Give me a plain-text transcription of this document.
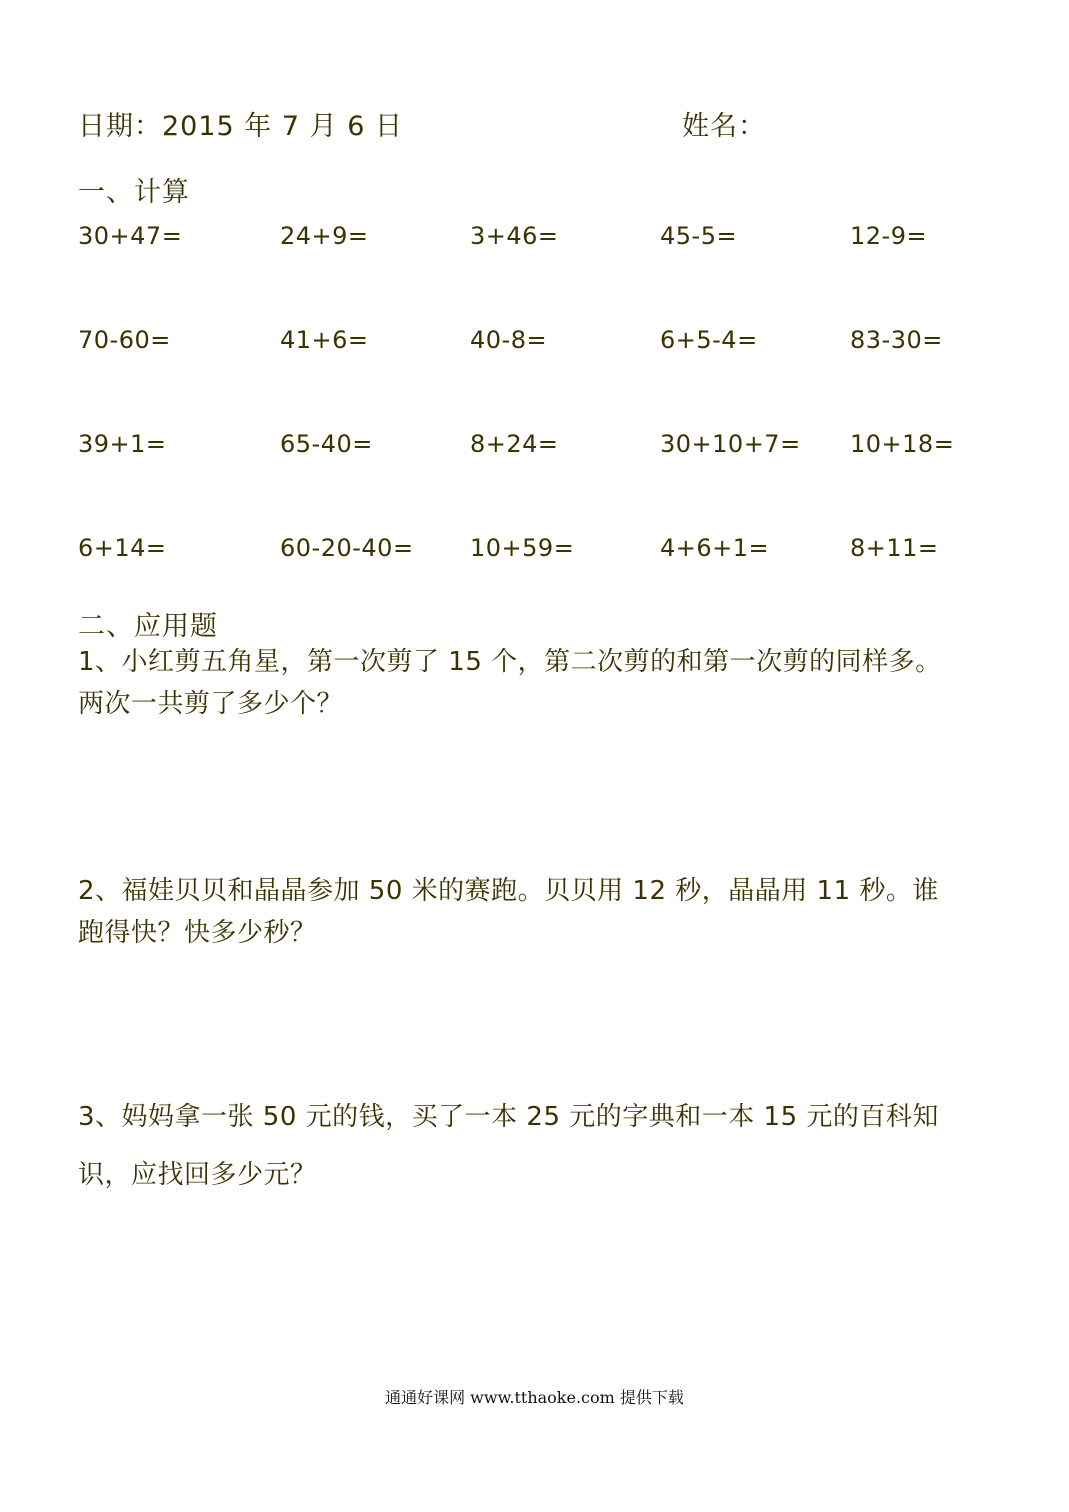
日期：2015 年 7 月 6 日	姓名：
一、计算
30+47=	24+9=	3+46=	45-5=	12-9=
70-60=	41+6=	40-8=	6+5-4=	83-30=
39+1=	65-40=	8+24=	30+10+7= 10+18=
6+14=	60-20-40= 10+59=	4+6+1=	8+11=
二、应用题
1、小红剪五角星，第一次剪了 15 个，第二次剪的和第一次剪的同样多。
两次一共剪了多少个？
2、福娃贝贝和晶晶参加 50 米的赛跑。贝贝用 12 秒，晶晶用 11 秒。谁
跑得快？快多少秒？
3、妈妈拿一张 50 元的钱，买了一本 25 元的字典和一本 15 元的百科知
识，应找回多少元？
通通好课网 www.tthaoke.com 提供下载
